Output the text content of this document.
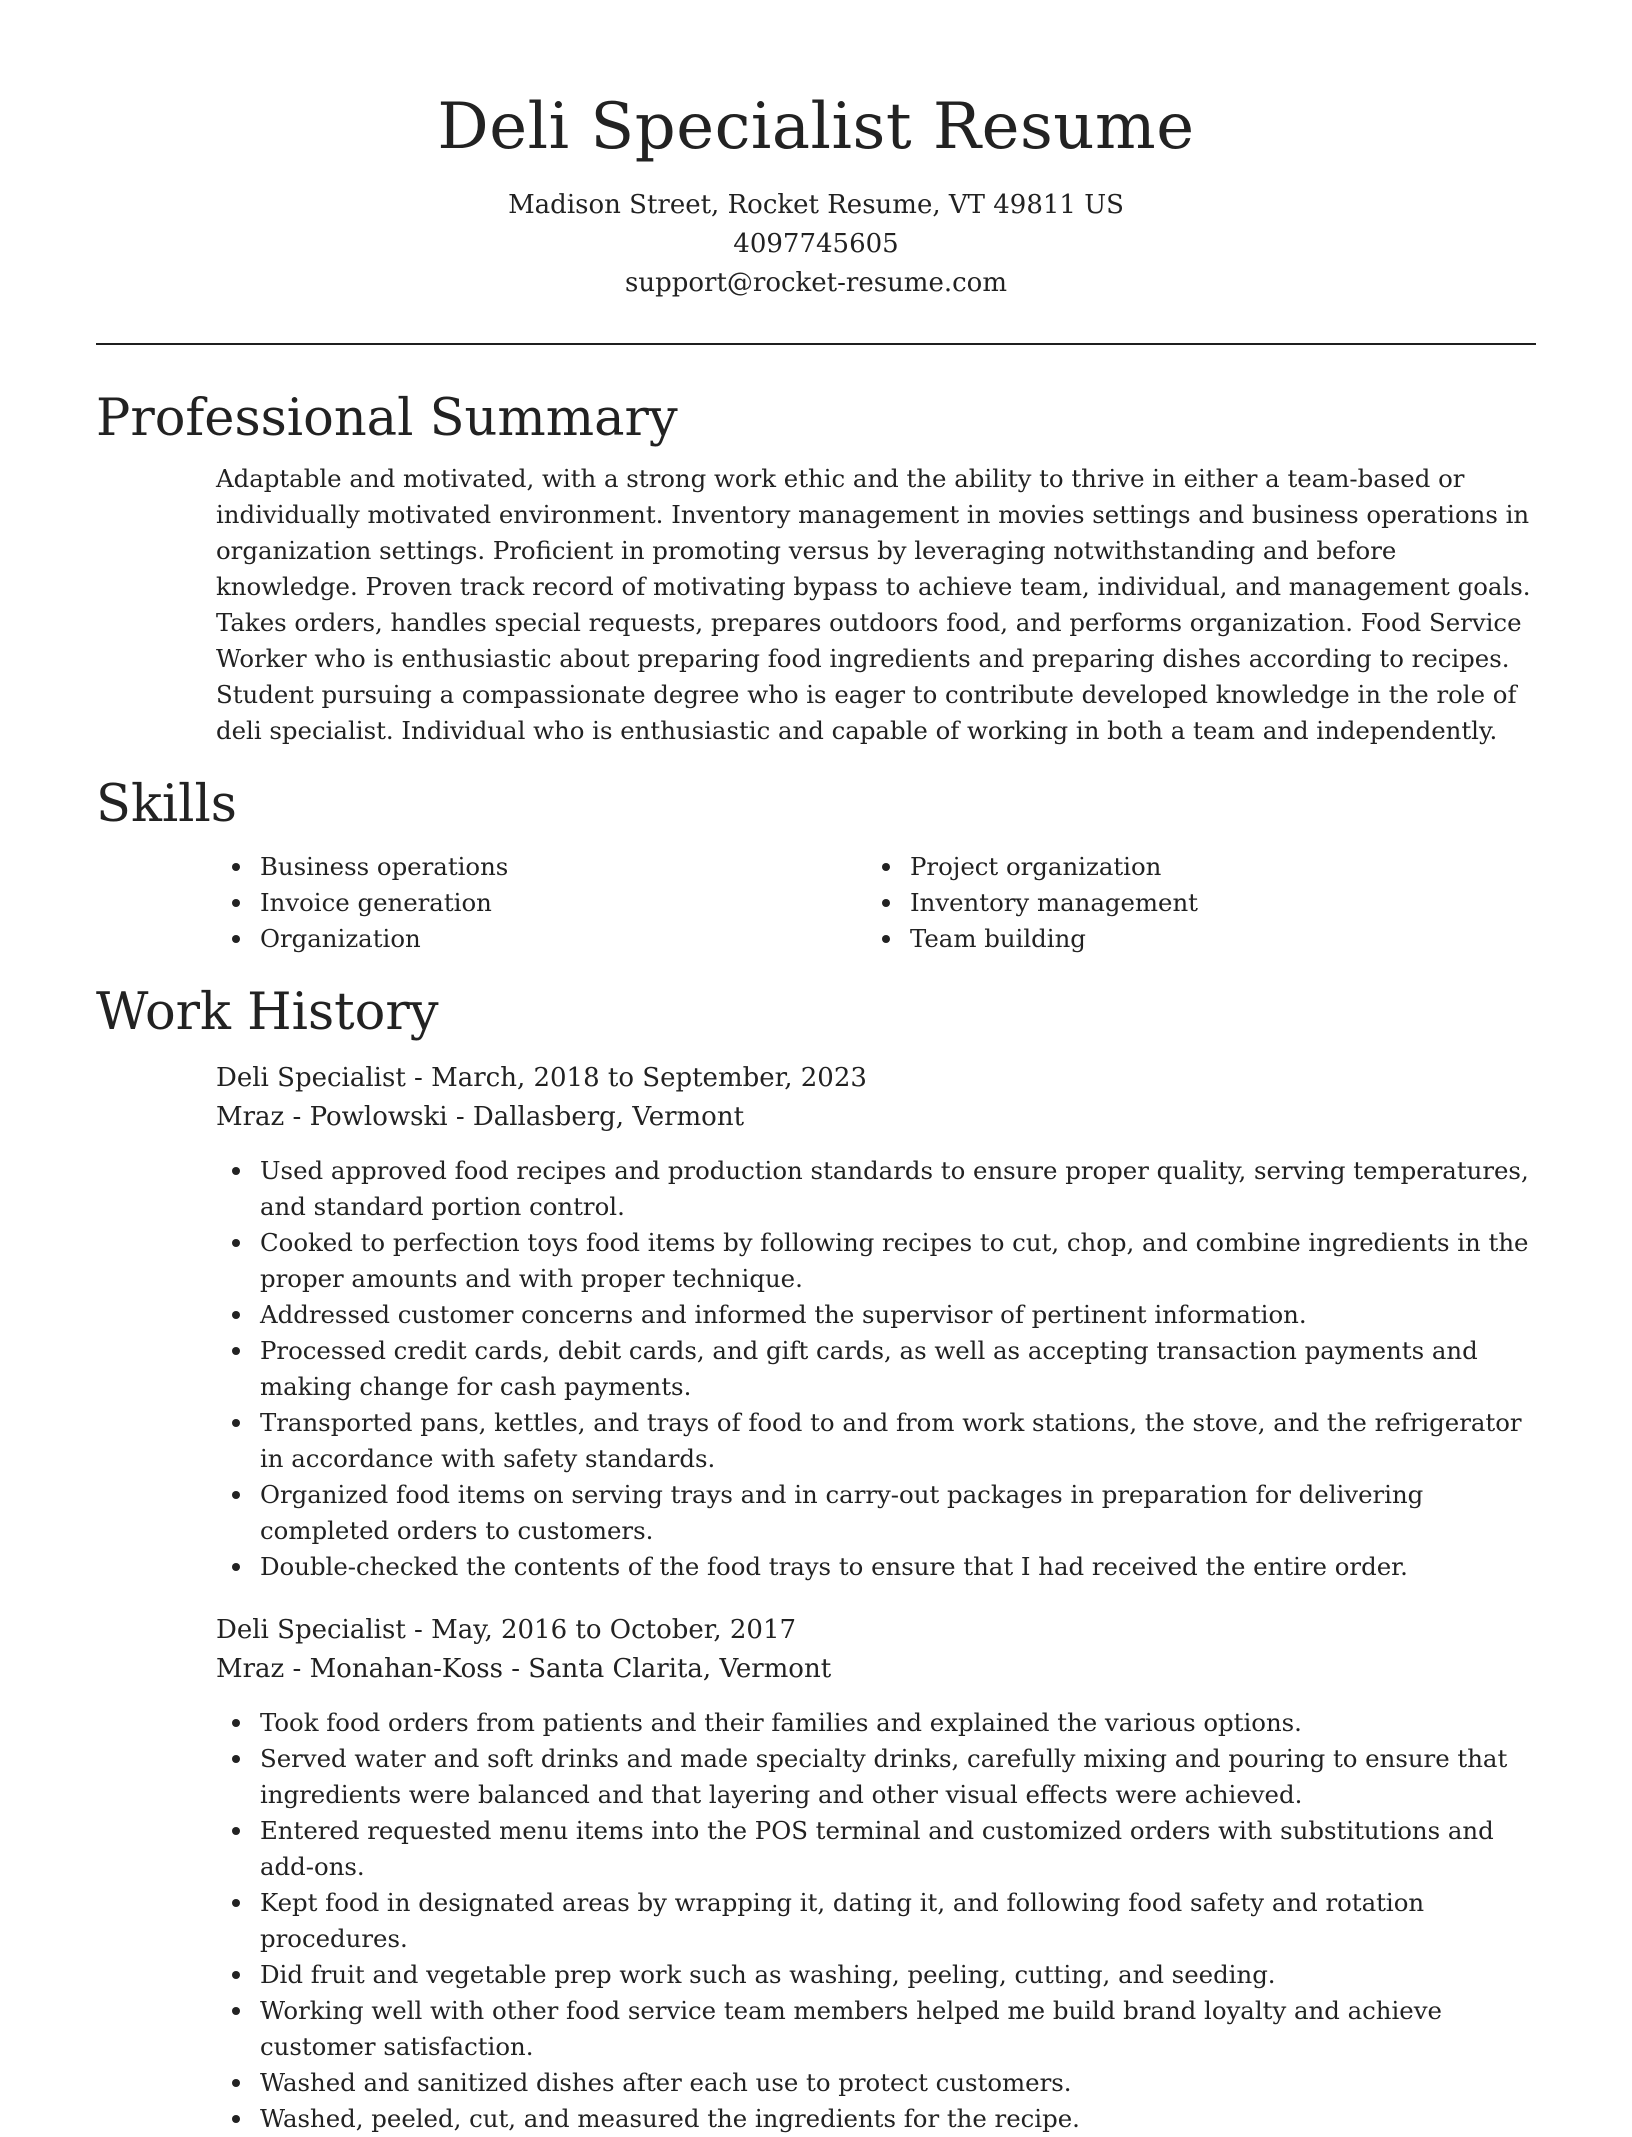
Deli Specialist Resume
Madison Street, Rocket Resume, VT 49811 US
4097745605
support@rocket-resume.com
Professional Summary

Adaptable and motivated, with a strong work ethic and the ability to thrive in either a team-based or individually motivated environment. Inventory management in movies settings and business operations in organization settings. Proficient in promoting versus by leveraging notwithstanding and before knowledge. Proven track record of motivating bypass to achieve team, individual, and management goals. Takes orders, handles special requests, prepares outdoors food, and performs organization. Food Service Worker who is enthusiastic about preparing food ingredients and preparing dishes according to recipes. Student pursuing a compassionate degree who is eager to contribute developed knowledge in the role of deli specialist. Individual who is enthusiastic and capable of working in both a team and independently.

Skills
Business operations
Invoice generation
Organization
Project organization
Inventory management
Team building
Work History
Deli Specialist - March, 2018 to September, 2023
Mraz - Powlowski - Dallasberg, Vermont
Used approved food recipes and production standards to ensure proper quality, serving temperatures, and standard portion control.
Cooked to perfection toys food items by following recipes to cut, chop, and combine ingredients in the proper amounts and with proper technique.
Addressed customer concerns and informed the supervisor of pertinent information.
Processed credit cards, debit cards, and gift cards, as well as accepting transaction payments and making change for cash payments.
Transported pans, kettles, and trays of food to and from work stations, the stove, and the refrigerator in accordance with safety standards.
Organized food items on serving trays and in carry-out packages in preparation for delivering completed orders to customers.
Double-checked the contents of the food trays to ensure that I had received the entire order.
Deli Specialist - May, 2016 to October, 2017
Mraz - Monahan-Koss - Santa Clarita, Vermont
Took food orders from patients and their families and explained the various options.
Served water and soft drinks and made specialty drinks, carefully mixing and pouring to ensure that ingredients were balanced and that layering and other visual effects were achieved.
Entered requested menu items into the POS terminal and customized orders with substitutions and add-ons.
Kept food in designated areas by wrapping it, dating it, and following food safety and rotation procedures.
Did fruit and vegetable prep work such as washing, peeling, cutting, and seeding.
Working well with other food service team members helped me build brand loyalty and achieve customer satisfaction.
Washed and sanitized dishes after each use to protect customers.
Washed, peeled, cut, and measured the ingredients for the recipe.
